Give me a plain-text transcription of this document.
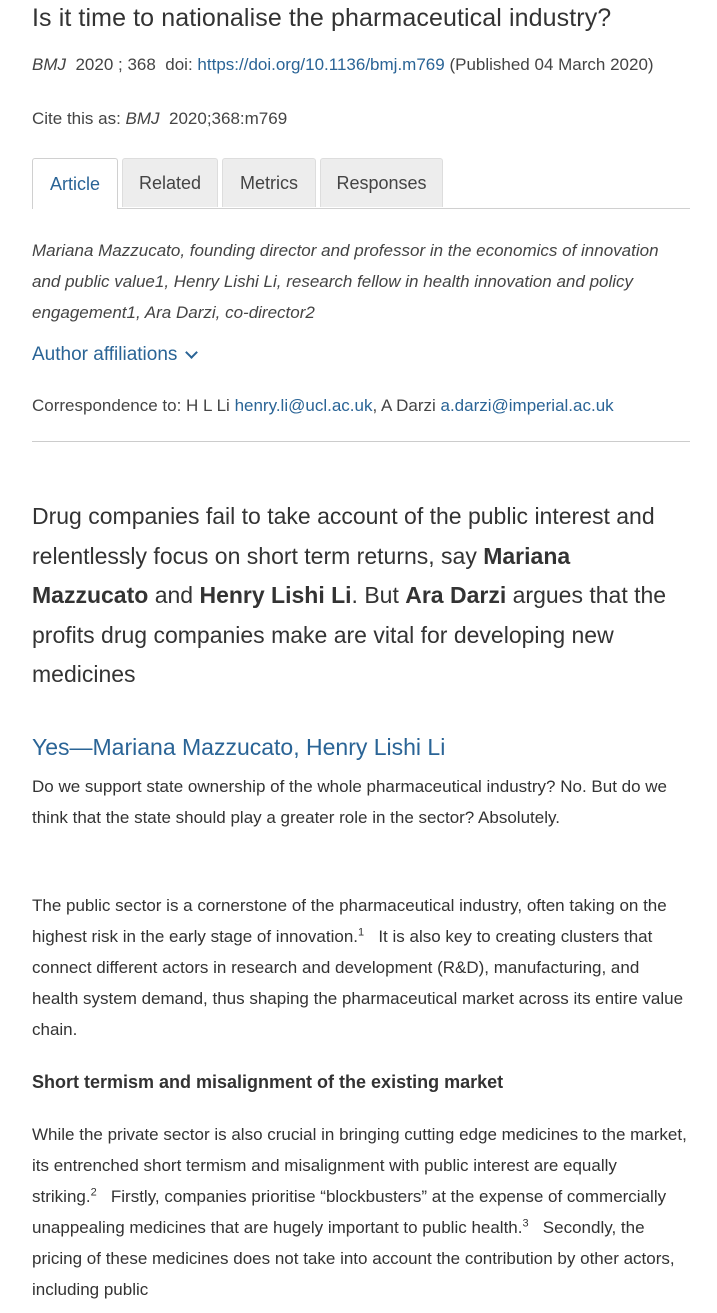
Is it time to nationalise the pharmaceutical industry?
BMJ 2020 ; 368 doi: https://doi.org/10.1136/bmj.m769 (Published 04 March 2020)
Cite this as: BMJ 2020;368:m769
Article	Related	Metrics	Responses

Mariana Mazzucato, founding director and professor in the economics of innovation and public value1, Henry Lishi Li, research fellow in health innovation and policy engagement1, Ara Darzi, co-director2

Author affiliations
Correspondence to: H L Li henry.li@ucl.ac.uk, A Darzi a.darzi@imperial.ac.uk

Drug companies fail to take account of the public interest and relentlessly focus on short term returns, say Mariana Mazzucato and Henry Lishi Li. But Ara Darzi argues that the profits drug companies make are vital for developing new medicines

Yes—Mariana Mazzucato, Henry Lishi Li

Do we support state ownership of the whole pharmaceutical industry? No. But do we think that the state should play a greater role in the sector? Absolutely.

The public sector is a cornerstone of the pharmaceutical industry, often taking on the highest risk in the early stage of innovation.$^1$ It is also key to creating clusters that connect different actors in research and development (R&D), manufacturing, and health system demand, thus shaping the pharmaceutical market across its entire value chain.

Short termism and misalignment of the existing market

While the private sector is also crucial in bringing cutting edge medicines to the market, its entrenched short termism and misalignment with public interest are equally striking.$^2$ Firstly, companies prioritise “blockbusters” at the expense of commercially unappealing medicines that are hugely important to public health.$^3$ Secondly, the pricing of these medicines does not take into account the contribution by other actors, including public
